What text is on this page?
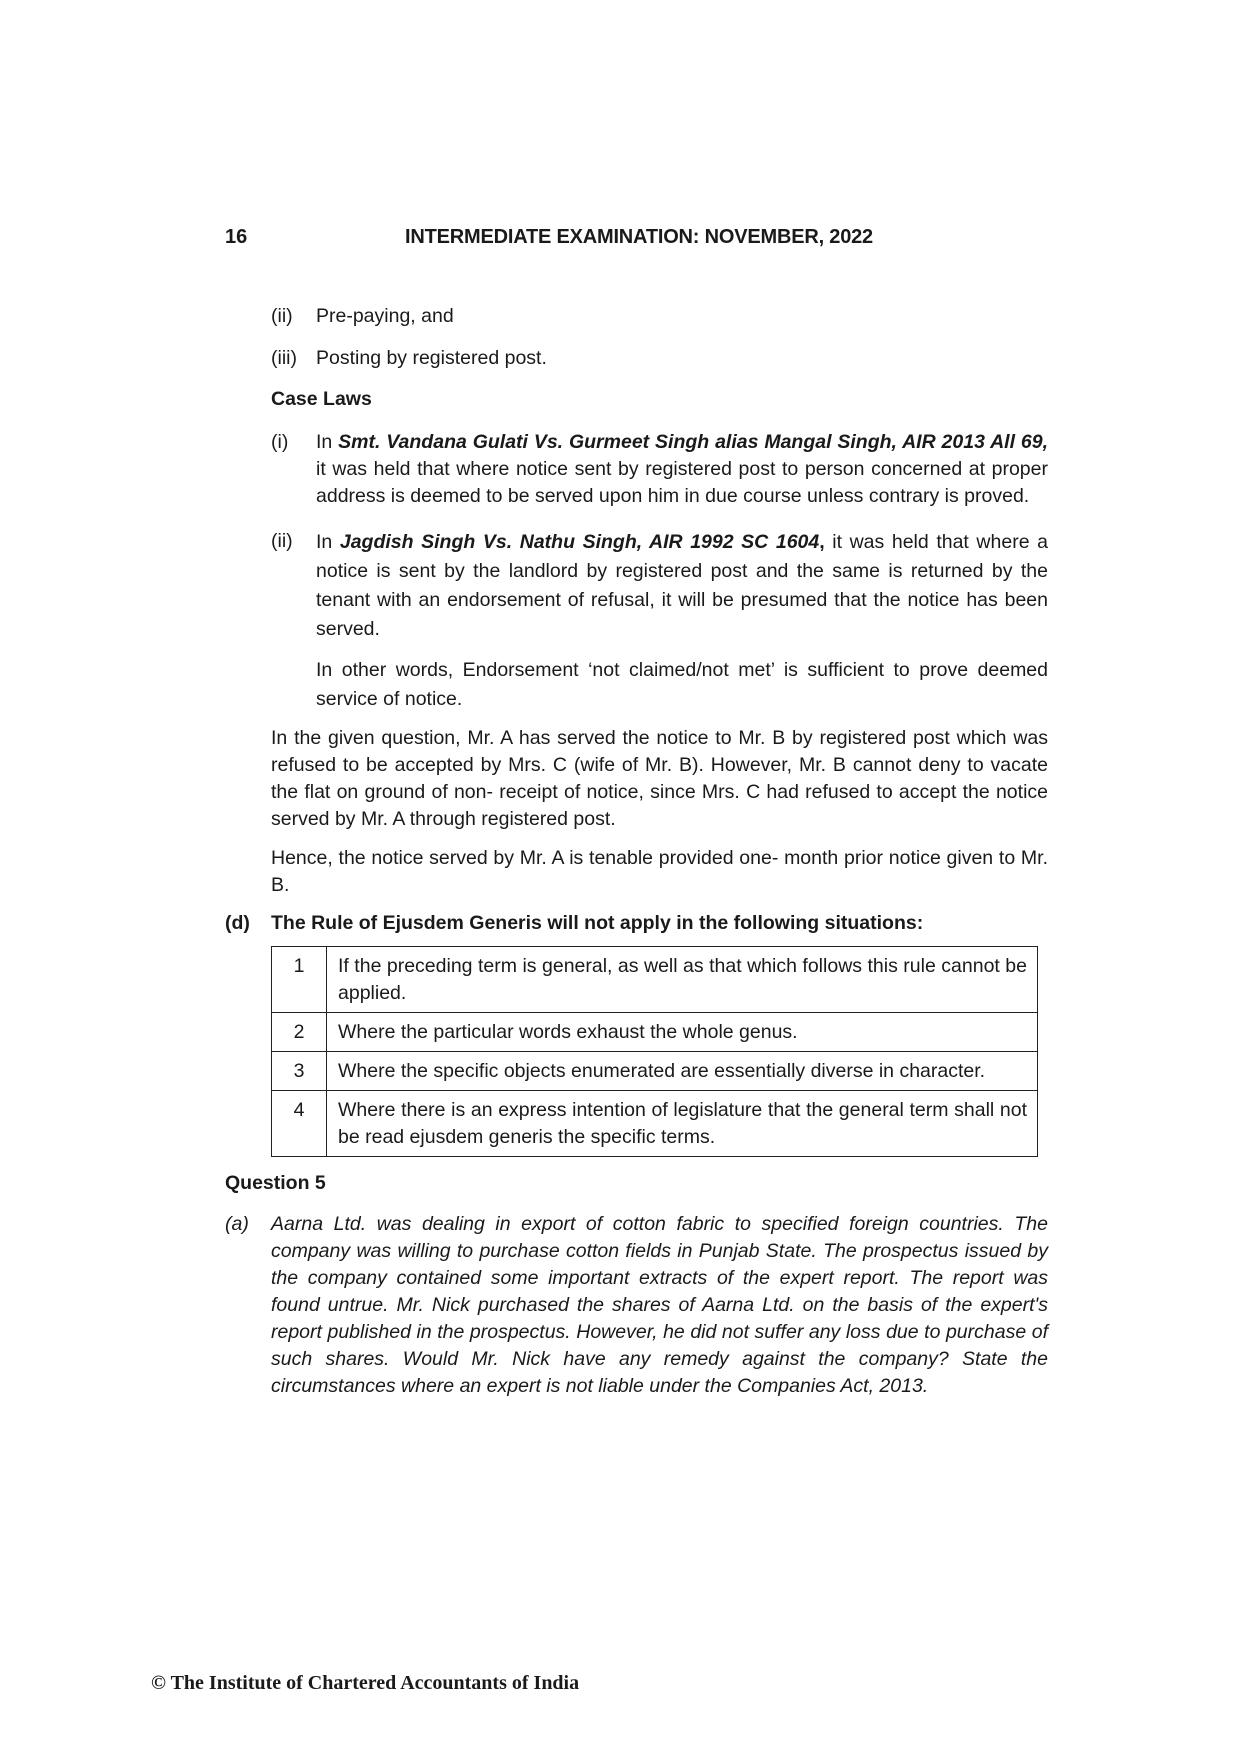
16	INTERMEDIATE EXAMINATION: NOVEMBER, 2022
(ii) Pre-paying, and
(iii) Posting by registered post.
Case Laws
(i) In Smt. Vandana Gulati Vs. Gurmeet Singh alias Mangal Singh, AIR 2013 All 69, it was held that where notice sent by registered post to person concerned at proper address is deemed to be served upon him in due course unless contrary is proved.
(ii) In Jagdish Singh Vs. Nathu Singh, AIR 1992 SC 1604, it was held that where a notice is sent by the landlord by registered post and the same is returned by the tenant with an endorsement of refusal, it will be presumed that the notice has been served.
In other words, Endorsement ‘not claimed/not met’ is sufficient to prove deemed service of notice.
In the given question, Mr. A has served the notice to Mr. B by registered post which was refused to be accepted by Mrs. C (wife of Mr. B). However, Mr. B cannot deny to vacate the flat on ground of non- receipt of notice, since Mrs. C had refused to accept the notice served by Mr. A through registered post.
Hence, the notice served by Mr. A is tenable provided one- month prior notice given to Mr. B.
(d) The Rule of Ejusdem Generis will not apply in the following situations:
1	If the preceding term is general, as well as that which follows this rule cannot be applied.
2	Where the particular words exhaust the whole genus.
3	Where the specific objects enumerated are essentially diverse in character.
4	Where there is an express intention of legislature that the general term shall not be read ejusdem generis the specific terms.
Question 5
(a) Aarna Ltd. was dealing in export of cotton fabric to specified foreign countries. The company was willing to purchase cotton fields in Punjab State. The prospectus issued by the company contained some important extracts of the expert report. The report was found untrue. Mr. Nick purchased the shares of Aarna Ltd. on the basis of the expert's report published in the prospectus. However, he did not suffer any loss due to purchase of such shares. Would Mr. Nick have any remedy against the company? State the circumstances where an expert is not liable under the Companies Act, 2013.
© The Institute of Chartered Accountants of India
